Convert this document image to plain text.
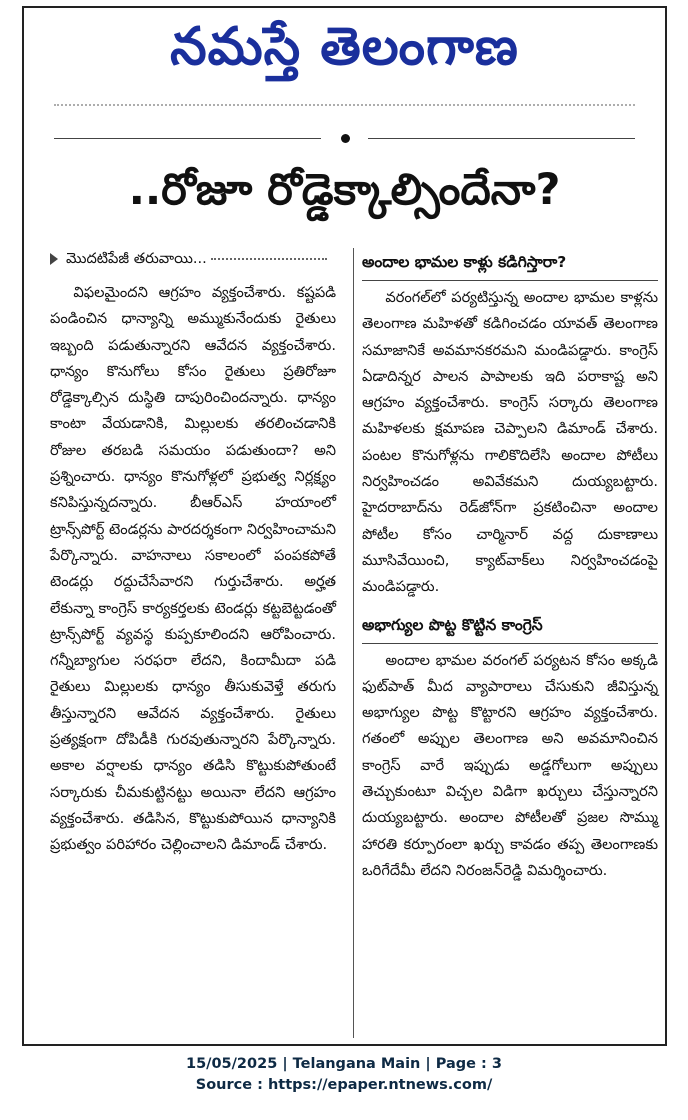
నమస్తే తెలంగాణ
..రోజూ రోడ్డెక్కాల్సిందేనా?
మొదటిపేజీ తరువాయి...

విఫలమైందని ఆగ్రహం వ్యక్తంచేశారు. కష్టపడి పండించిన ధాన్యాన్ని అమ్ముకునేందుకు రైతులు ఇబ్బంది పడుతున్నారని ఆవేదన వ్యక్తంచేశారు. ధాన్యం కొనుగోలు కోసం రైతులు ప్రతిరోజూ రోడ్డెక్కాల్సిన దుస్థితి దాపురించిందన్నారు. ధాన్యం కాంటా వేయడానికి, మిల్లులకు తరలించడానికి రోజుల తరబడి సమయం పడుతుందా? అని ప్రశ్నించారు. ధాన్యం కొనుగోళ్లలో ప్రభుత్వ నిర్లక్ష్యం కనిపిస్తున్నదన్నారు. బీఆర్‌ఎస్ హయాంలో ట్రాన్స్‌పోర్ట్ టెండర్లను పారదర్శకంగా నిర్వహించామని పేర్కొన్నారు. వాహనాలు సకాలంలో పంపకపోతే టెండర్లు రద్దుచేసేవారని గుర్తుచేశారు. అర్హత లేకున్నా కాంగ్రెస్ కార్యకర్తలకు టెండర్లు కట్టబెట్టడంతో ట్రాన్స్‌పోర్ట్ వ్యవస్థ కుప్పకూలిందని ఆరోపించారు. గన్నీబ్యాగుల సరఫరా లేదని, కిందామీదా పడి రైతులు మిల్లులకు ధాన్యం తీసుకువెళ్తే తరుగు తీస్తున్నారని ఆవేదన వ్యక్తంచేశారు. రైతులు ప్రత్యక్షంగా దోపిడీకి గురవుతున్నారని పేర్కొన్నారు. అకాల వర్షాలకు ధాన్యం తడిసి కొట్టుకుపోతుంటే సర్కారుకు చీమకుట్టినట్టు అయినా లేదని ఆగ్రహం వ్యక్తంచేశారు. తడిసిన, కొట్టుకుపోయిన ధాన్యానికి ప్రభుత్వం పరిహారం చెల్లించాలని డిమాండ్ చేశారు.

అందాల భామల కాళ్లు కడిగిస్తారా?

వరంగల్‌లో పర్యటిస్తున్న అందాల భామల కాళ్లను తెలంగాణ మహిళతో కడిగించడం యావత్ తెలంగాణ సమాజానికే అవమానకరమని మండిపడ్డారు. కాంగ్రెస్ ఏడాదిన్నర పాలన పాపాలకు ఇది పరాకాష్ట అని ఆగ్రహం వ్యక్తంచేశారు. కాంగ్రెస్ సర్కారు తెలంగాణ మహిళలకు క్షమాపణ చెప్పాలని డిమాండ్ చేశారు. పంటల కొనుగోళ్లను గాలికొదిలేసి అందాల పోటీలు నిర్వహించడం అవివేకమని దుయ్యబట్టారు. హైదరాబాద్‌ను రెడ్‌జోన్‌గా ప్రకటించినా అందాల పోటీల కోసం చార్మినార్ వద్ద దుకాణాలు మూసివేయించి, క్యాట్‌వాక్‌లు నిర్వహించడంపై మండిపడ్డారు.

అభాగ్యుల పొట్ట కొట్టిన కాంగ్రెస్

అందాల భామల వరంగల్ పర్యటన కోసం అక్కడి ఫుట్‌పాత్ మీద వ్యాపారాలు చేసుకుని జీవిస్తున్న అభాగ్యుల పొట్ట కొట్టారని ఆగ్రహం వ్యక్తంచేశారు. గతంలో అప్పుల తెలంగాణ అని అవమానించిన కాంగ్రెస్ వారే ఇప్పుడు అడ్డగోలుగా అప్పులు తెచ్చుకుంటూ విచ్చల విడిగా ఖర్చులు చేస్తున్నారని దుయ్యబట్టారు. అందాల పోటీలతో ప్రజల సొమ్ము హారతి కర్పూరంలా ఖర్చు కావడం తప్ప తెలంగాణకు ఒరిగేదేమీ లేదని నిరంజన్‌రెడ్డి విమర్శించారు.

15/05/2025 | Telangana Main | Page : 3
Source : https://epaper.ntnews.com/
